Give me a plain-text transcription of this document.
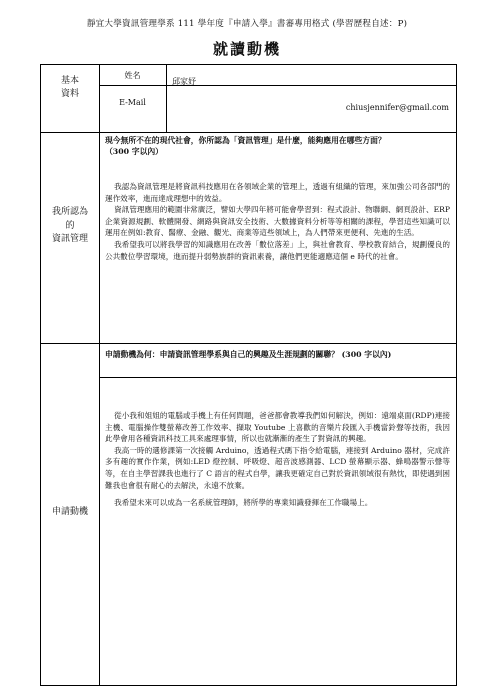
靜宜大學資訊管理學系 111 學年度『申請入學』書審專用格式 (學習歷程自述：P)
就讀動機
基本
資料
姓名
邱家妤
E-Mail
chiusjennifer@gmail.com
我所認為
的
資訊管理
現今無所不在的現代社會，你所認為「資訊管理」是什麼，能夠應用在哪些方面？
（300 字以內）

我認為資訊管理是將資訊科技應用在各領域企業的管理上，透過有組織的管理，來加強公司各部門的運作效率，進而達成理想中的效益。

資訊管理應用的範圍非常廣泛，譬如大學四年將可能會學習到：程式設計、物聯網、網頁設計、ERP 企業資源規劃、軟體開發、網路與資訊安全技術、大數據資料分析等等相關的課程，學習這些知識可以運用在例如:教育、醫療、金融、觀光、商業等這些領域上，為人們帶來更便利、先進的生活。

我希望我可以將我學習的知識應用在改善「數位落差」上，與社會教育、學校教育結合，規劃優良的公共數位學習環境，進而提升弱勢族群的資訊素養，讓他們更能適應這個 e 時代的社會。

申請動機
申請動機為何：申請資訊管理學系與自己的興趣及生涯規劃的關聯？ (300 字以內)

從小我和姐姐的電腦或手機上有任何問題，爸爸都會教導我們如何解決，例如：遠端桌面(RDP)連接主機、電腦操作雙螢幕改善工作效率、擷取 Youtube 上喜歡的音樂片段匯入手機當鈴聲等技術，我因此學會用各種資訊科技工具來處理事情，所以也就漸漸的產生了對資訊的興趣。

我高一時的選修課第一次接觸 Arduino，透過程式碼下指令給電腦，連接到 Arduino 器材，完成許多有趣的實作作業，例如:LED 燈控制、呼吸燈、超音波感測器、LCD 螢幕顯示器、蜂鳴器警示聲等等，在自主學習課我也進行了 C 語言的程式自學，讓我更確定自己對於資訊領域很有熱忱，即使遇到困難我也會很有耐心的去解決，永遠不放棄。

我希望未來可以成為一名系統管理師，將所學的專業知識發揮在工作職場上。
